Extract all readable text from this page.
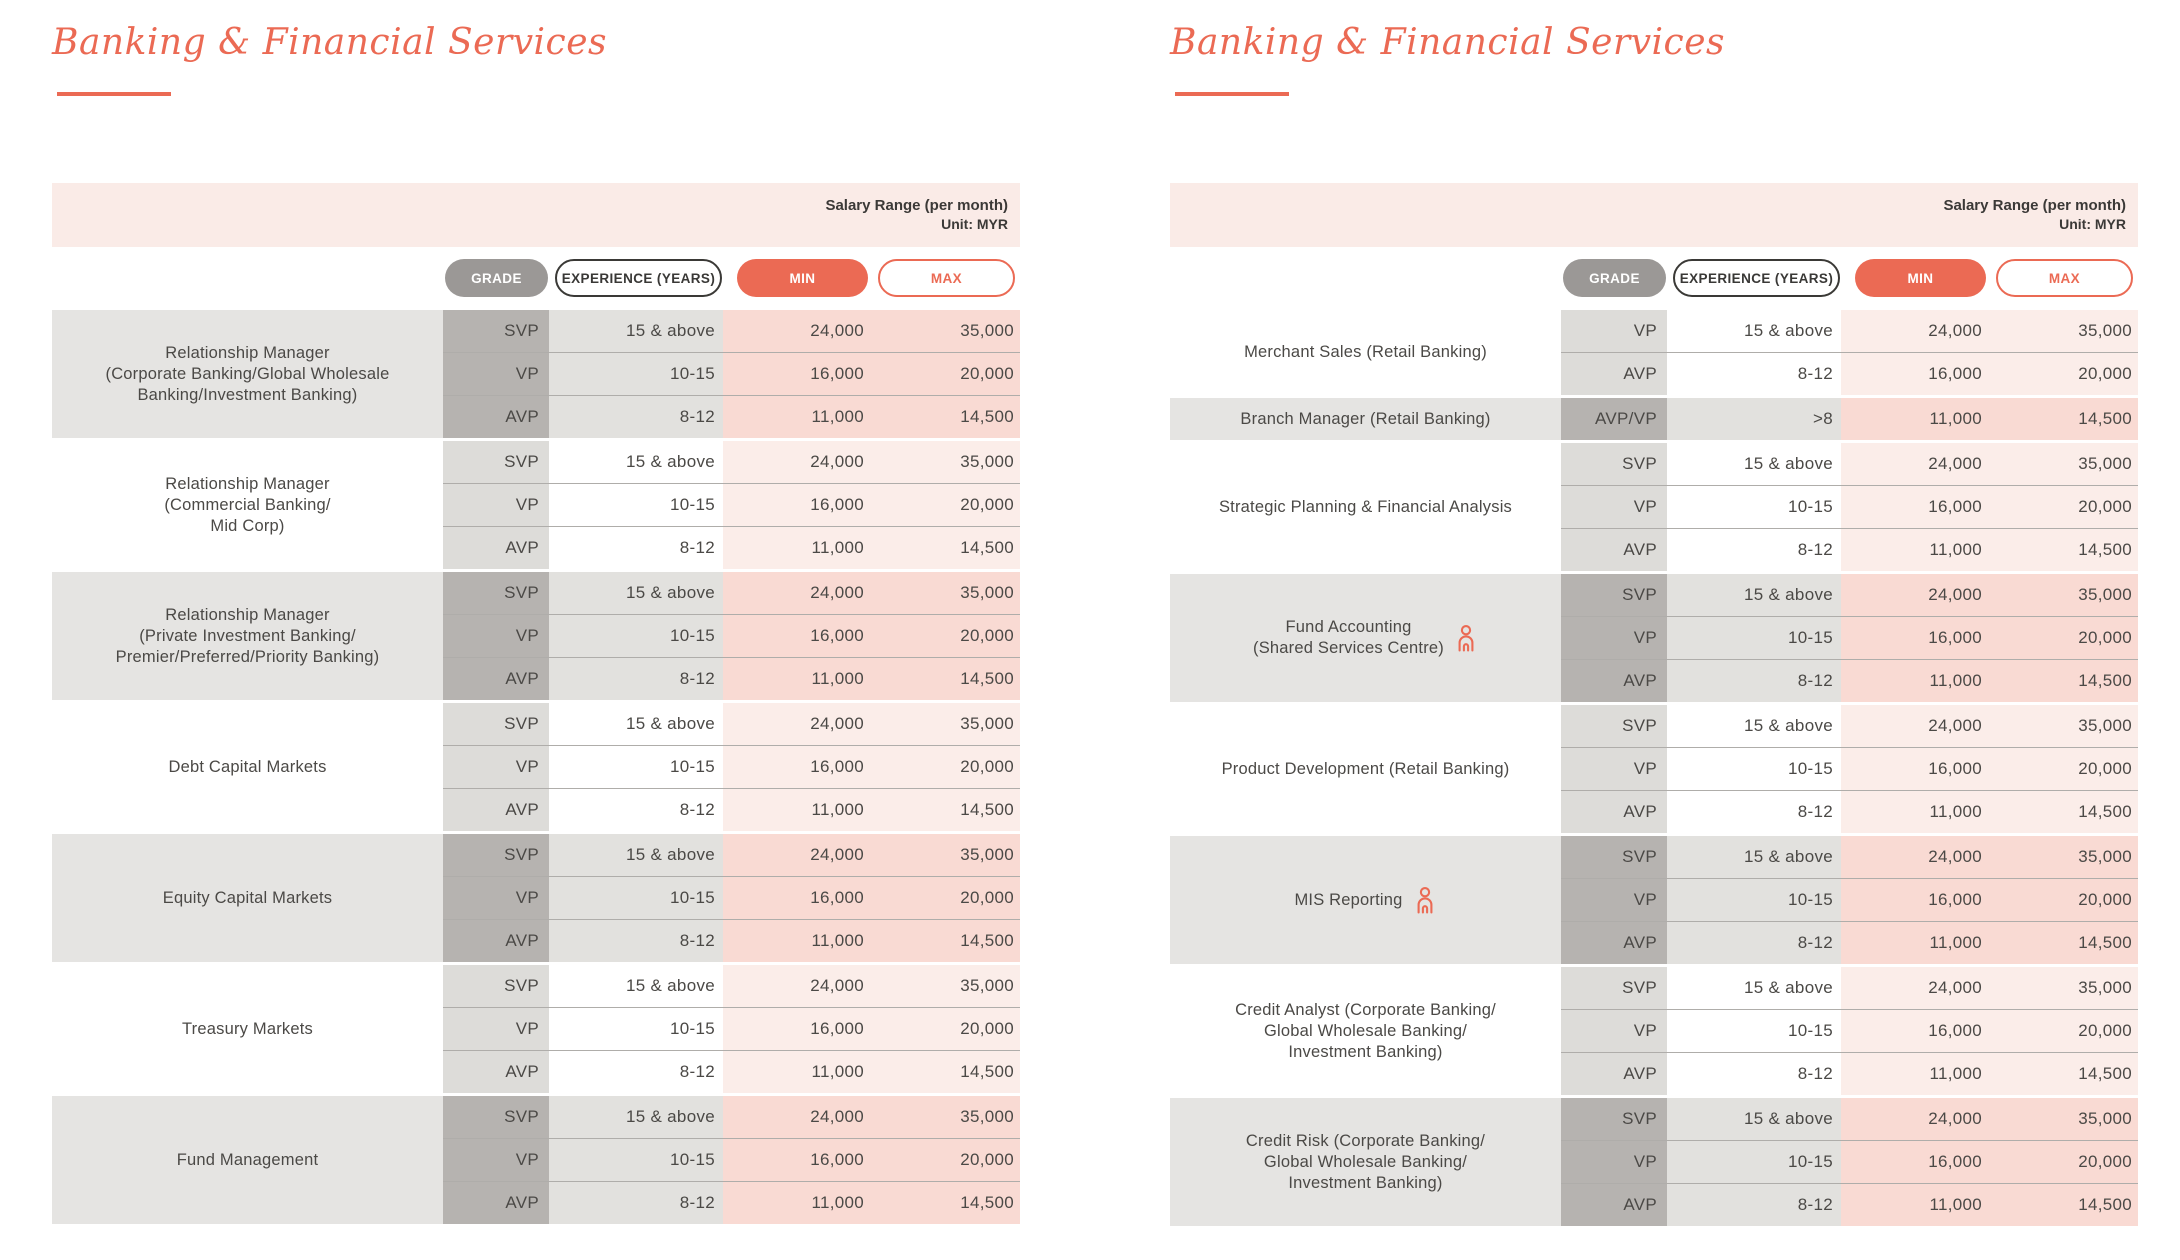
Banking & Financial Services
Salary Range (per month)
Unit: MYR
GRADE	EXPERIENCE (YEARS)	MIN	MAX
Relationship Manager
(Corporate Banking/Global Wholesale
Banking/Investment Banking)
SVP	15 & above	24,000	35,000
VP	10-15	16,000	20,000
AVP	8-12	11,000	14,500
Relationship Manager
(Commercial Banking/
Mid Corp)
SVP	15 & above	24,000	35,000
VP	10-15	16,000	20,000
AVP	8-12	11,000	14,500
Relationship Manager
(Private Investment Banking/
Premier/Preferred/Priority Banking)
SVP	15 & above	24,000	35,000
VP	10-15	16,000	20,000
AVP	8-12	11,000	14,500
Debt Capital Markets
SVP	15 & above	24,000	35,000
VP	10-15	16,000	20,000
AVP	8-12	11,000	14,500
Equity Capital Markets
SVP	15 & above	24,000	35,000
VP	10-15	16,000	20,000
AVP	8-12	11,000	14,500
Treasury Markets
SVP	15 & above	24,000	35,000
VP	10-15	16,000	20,000
AVP	8-12	11,000	14,500
Fund Management
SVP	15 & above	24,000	35,000
VP	10-15	16,000	20,000
AVP	8-12	11,000	14,500
Banking & Financial Services
Salary Range (per month)
Unit: MYR
GRADE	EXPERIENCE (YEARS)	MIN	MAX
Merchant Sales (Retail Banking)
VP	15 & above	24,000	35,000
AVP	8-12	16,000	20,000
Branch Manager (Retail Banking)	AVP/VP	>8	11,000	14,500
Strategic Planning & Financial Analysis
SVP	15 & above	24,000	35,000
VP	10-15	16,000	20,000
AVP	8-12	11,000	14,500
Fund Accounting
(Shared Services Centre)
SVP	15 & above	24,000	35,000
VP	10-15	16,000	20,000
AVP	8-12	11,000	14,500
Product Development (Retail Banking)
SVP	15 & above	24,000	35,000
VP	10-15	16,000	20,000
AVP	8-12	11,000	14,500
MIS Reporting
SVP	15 & above	24,000	35,000
VP	10-15	16,000	20,000
AVP	8-12	11,000	14,500
Credit Analyst (Corporate Banking/
Global Wholesale Banking/
Investment Banking)
SVP	15 & above	24,000	35,000
VP	10-15	16,000	20,000
AVP	8-12	11,000	14,500
Credit Risk (Corporate Banking/
Global Wholesale Banking/
Investment Banking)
SVP	15 & above	24,000	35,000
VP	10-15	16,000	20,000
AVP	8-12	11,000	14,500
